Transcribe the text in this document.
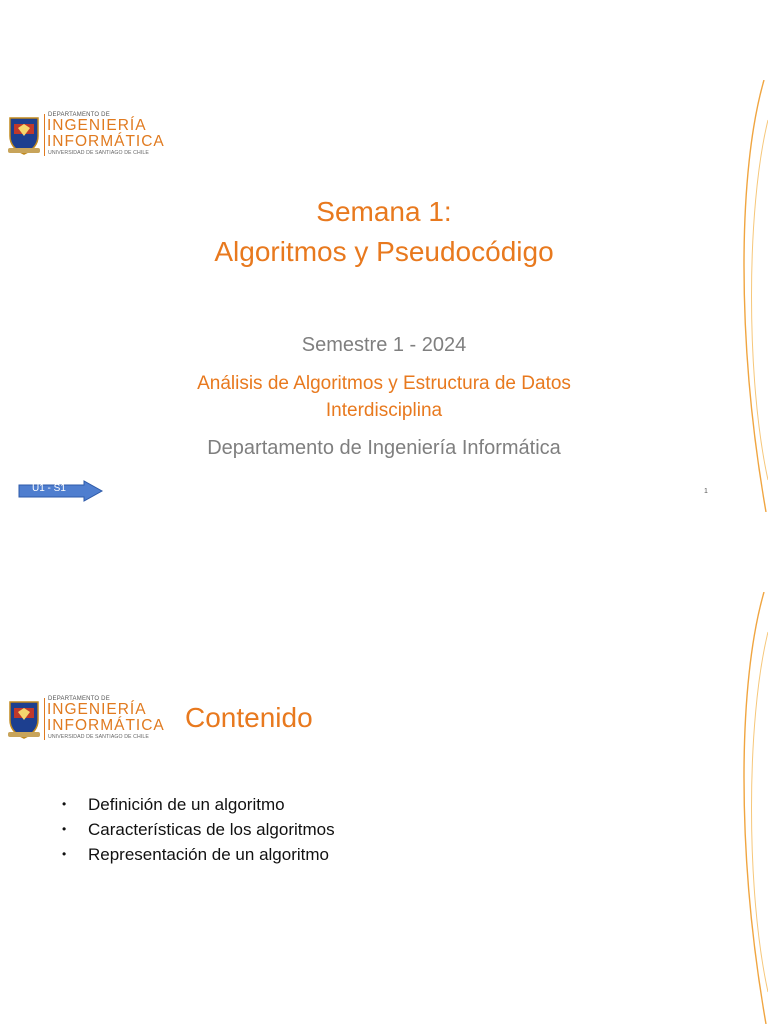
DEPARTAMENTO DE
INGENIERÍA
INFORMÁTICA
UNIVERSIDAD DE SANTIAGO DE CHILE
Semana 1:
Algoritmos y Pseudocódigo
Semestre 1 - 2024
Análisis de Algoritmos y Estructura de Datos
Interdisciplina
Departamento de Ingeniería Informática
U1 - S1	1
DEPARTAMENTO DE
INGENIERÍA
INFORMÁTICA
UNIVERSIDAD DE SANTIAGO DE CHILE
Contenido
• Definición de un algoritmo
• Características de los algoritmos
• Representación de un algoritmo
